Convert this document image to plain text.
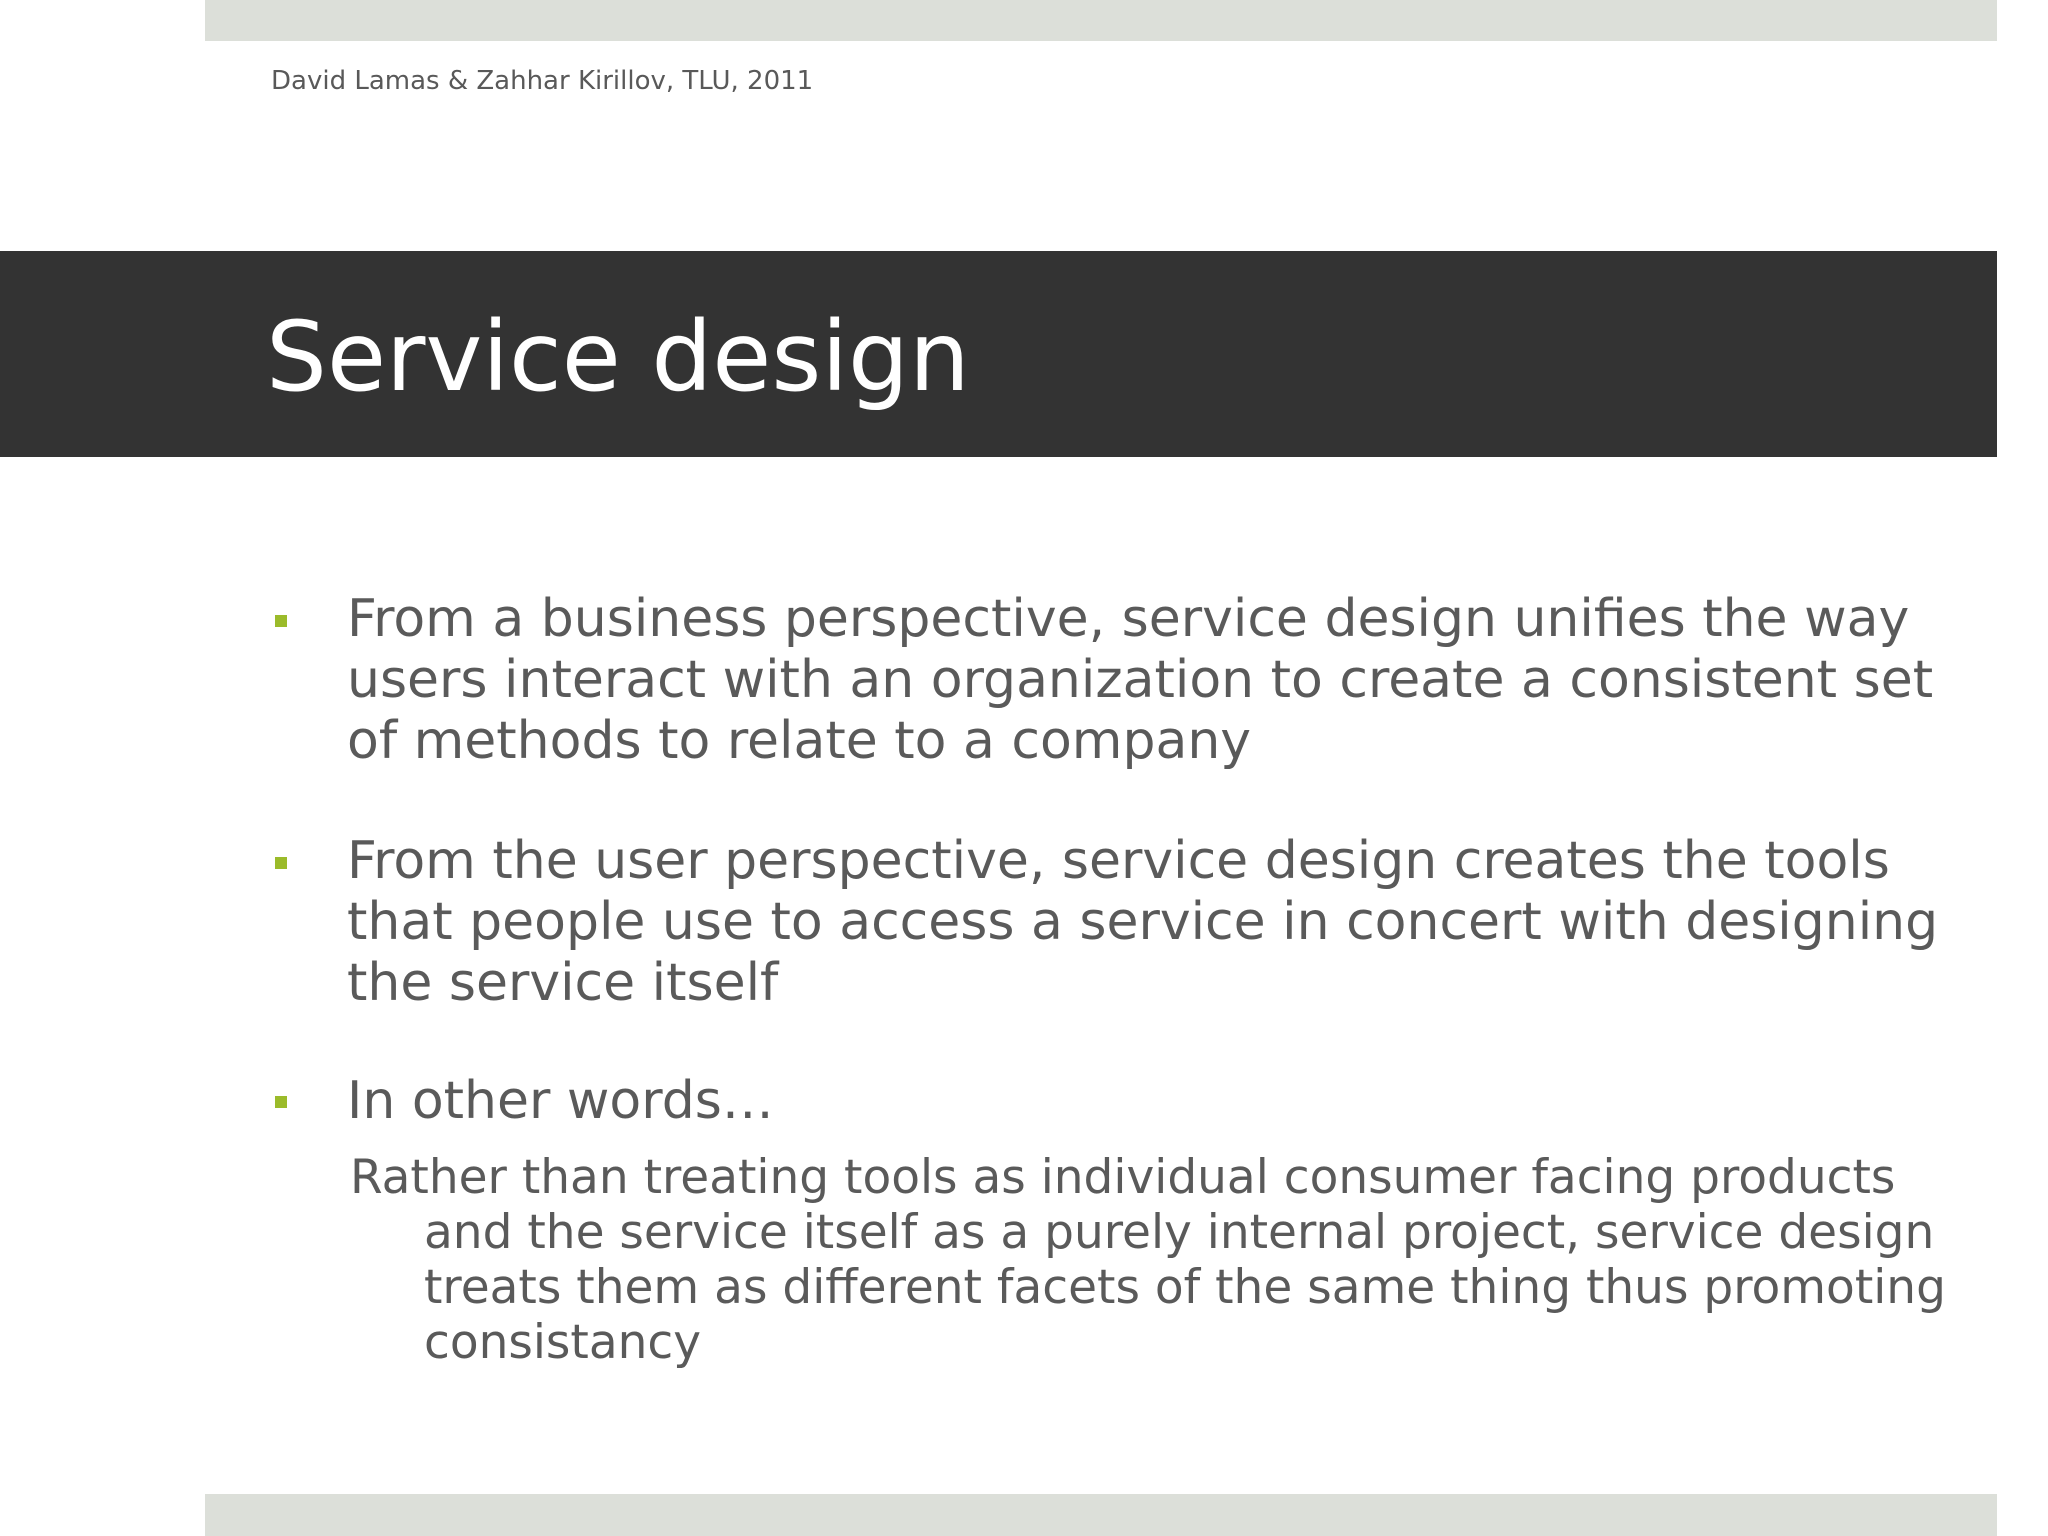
David Lamas & Zahhar Kirillov, TLU, 2011
Service design
From a business perspective, service design unifies the way users interact with an organization to create a consistent set of methods to relate to a company
From the user perspective, service design creates the tools that people use to access a service in concert with designing the service itself
In other words…
Rather than treating tools as individual consumer facing products and the service itself as a purely internal project, service design treats them as different facets of the same thing thus promoting consistancy
